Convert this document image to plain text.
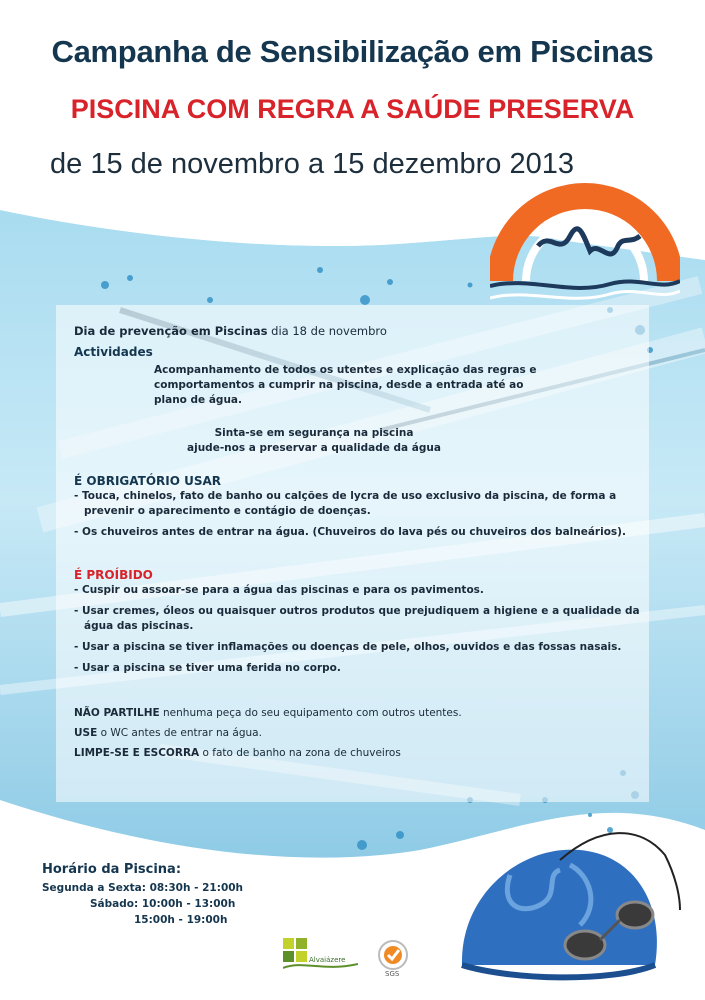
Campanha de Sensibilização em Piscinas
PISCINA COM REGRA A SAÚDE PRESERVA
de 15 de novembro a 15 dezembro 2013
Dia de prevenção em Piscinas dia 18 de novembro
Actividades
Acompanhamento de todos os utentes e explicação das regras e comportamentos a cumprir na piscina, desde a entrada até ao plano de água.
Sinta-se em segurança na piscina
ajude-nos a preservar a qualidade da água
É OBRIGATÓRIO USAR

- Touca, chinelos, fato de banho ou calções de lycra de uso exclusivo da piscina, de forma a prevenir o aparecimento e contágio de doenças.

- Os chuveiros antes de entrar na água. (Chuveiros do lava pés ou chuveiros dos balneários).

É PROÍBIDO

- Cuspir ou assoar-se para a água das piscinas e para os pavimentos.

- Usar cremes, óleos ou quaisquer outros produtos que prejudiquem a higiene e a qualidade da água das piscinas.

- Usar a piscina se tiver inflamações ou doenças de pele, olhos, ouvidos e das fossas nasais.

- Usar a piscina se tiver uma ferida no corpo.

NÃO PARTILHE nenhuma peça do seu equipamento com outros utentes.
USE o WC antes de entrar na água.
LIMPE-SE E ESCORRA o fato de banho na zona de chuveiros
Horário da Piscina:
Segunda a Sexta: 08:30h - 21:00h
Sábado: 10:00h - 13:00h
15:00h - 19:00h
Alvaiázere
SGS
